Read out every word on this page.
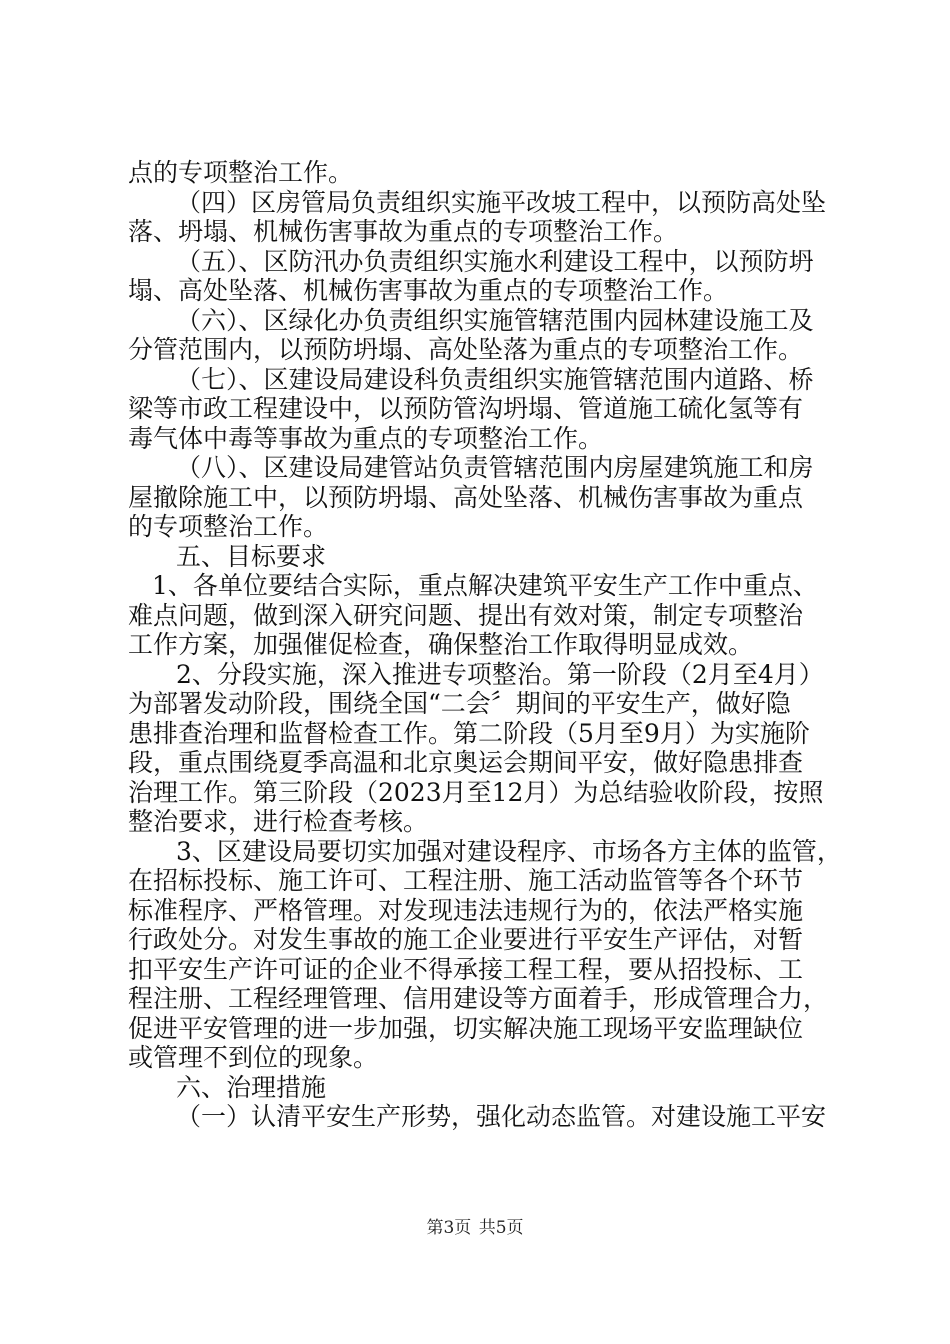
点的专项整治工作。
（四）区房管局负责组织实施平改坡工程中，以预防高处坠
落、坍塌、机械伤害事故为重点的专项整治工作。
（五）、区防汛办负责组织实施水利建设工程中，以预防坍
塌、高处坠落、机械伤害事故为重点的专项整治工作。
（六）、区绿化办负责组织实施管辖范围内园林建设施工及
分管范围内，以预防坍塌、高处坠落为重点的专项整治工作。
（七）、区建设局建设科负责组织实施管辖范围内道路、桥
梁等市政工程建设中，以预防管沟坍塌、管道施工硫化氢等有
毒气体中毒等事故为重点的专项整治工作。
（八）、区建设局建管站负责管辖范围内房屋建筑施工和房
屋撤除施工中，以预防坍塌、高处坠落、机械伤害事故为重点
的专项整治工作。
五、目标要求
1、各单位要结合实际，重点解决建筑平安生产工作中重点、
难点问题，做到深入研究问题、提出有效对策，制定专项整治
工作方案，加强催促检查，确保整治工作取得明显成效。
2、分段实施，深入推进专项整治。第一阶段（2月至4月）
为部署发动阶段，围绕全国“二会〞期间的平安生产，做好隐
患排查治理和监督检查工作。第二阶段（5月至9月）为实施阶
段，重点围绕夏季高温和北京奥运会期间平安，做好隐患排查
治理工作。第三阶段（2023月至12月）为总结验收阶段，按照
整治要求，进行检查考核。
3、区建设局要切实加强对建设程序、市场各方主体的监管，
在招标投标、施工许可、工程注册、施工活动监管等各个环节
标准程序、严格管理。对发现违法违规行为的，依法严格实施
行政处分。对发生事故的施工企业要进行平安生产评估，对暂
扣平安生产许可证的企业不得承接工程工程，要从招投标、工
程注册、工程经理管理、信用建设等方面着手，形成管理合力，
促进平安管理的进一步加强，切实解决施工现场平安监理缺位
或管理不到位的现象。
六、治理措施
（一）认清平安生产形势，强化动态监管。对建设施工平安
第3页 共5页
